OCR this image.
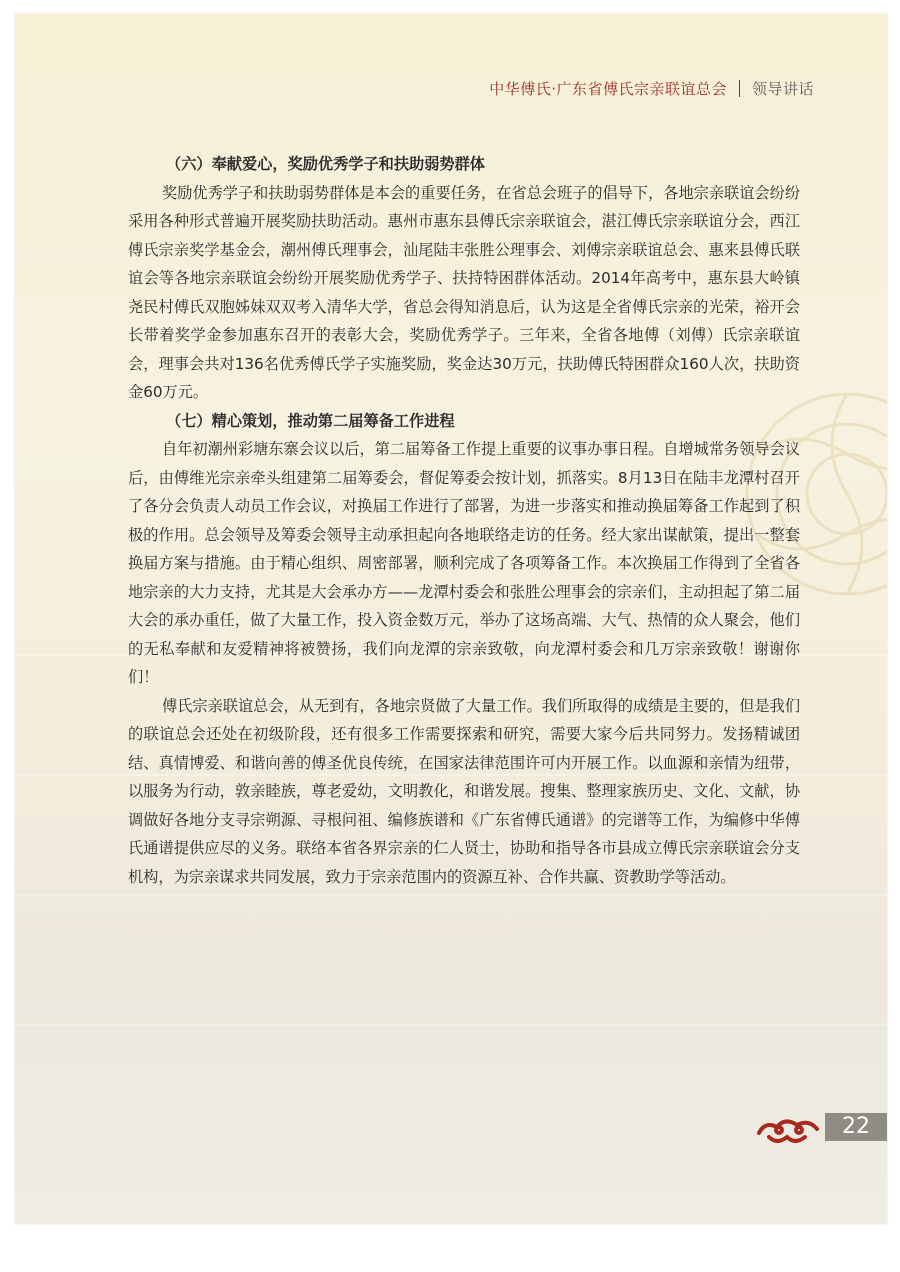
中华傅氏·广东省傅氏宗亲联谊总会 领导讲话

（六）奉献爱心，奖励优秀学子和扶助弱势群体

奖励优秀学子和扶助弱势群体是本会的重要任务，在省总会班子的倡导下，各地宗亲联谊会纷纷采用各种形式普遍开展奖励扶助活动。惠州市惠东县傅氏宗亲联谊会，湛江傅氏宗亲联谊分会，西江傅氏宗亲奖学基金会，潮州傅氏理事会，汕尾陆丰张胜公理事会、刘傅宗亲联谊总会、惠来县傅氏联谊会等各地宗亲联谊会纷纷开展奖励优秀学子、扶持特困群体活动。2014年高考中，惠东县大岭镇尧民村傅氏双胞姊妹双双考入清华大学，省总会得知消息后，认为这是全省傅氏宗亲的光荣，裕开会长带着奖学金参加惠东召开的表彰大会，奖励优秀学子。三年来，全省各地傅（刘傅）氏宗亲联谊会，理事会共对136名优秀傅氏学子实施奖励，奖金达30万元，扶助傅氏特困群众160人次，扶助资金60万元。

（七）精心策划，推动第二届筹备工作进程

自年初潮州彩塘东寨会议以后，第二届筹备工作提上重要的议事办事日程。自增城常务领导会议后，由傅维光宗亲牵头组建第二届筹委会，督促筹委会按计划，抓落实。8月13日在陆丰龙潭村召开了各分会负责人动员工作会议，对换届工作进行了部署，为进一步落实和推动换届筹备工作起到了积极的作用。总会领导及筹委会领导主动承担起向各地联络走访的任务。经大家出谋献策，提出一整套换届方案与措施。由于精心组织、周密部署，顺利完成了各项筹备工作。本次换届工作得到了全省各地宗亲的大力支持，尤其是大会承办方——龙潭村委会和张胜公理事会的宗亲们，主动担起了第二届大会的承办重任，做了大量工作，投入资金数万元，举办了这场高端、大气、热情的众人聚会，他们的无私奉献和友爱精神将被赞扬，我们向龙潭的宗亲致敬，向龙潭村委会和几万宗亲致敬！谢谢你们！

傅氏宗亲联谊总会，从无到有，各地宗贤做了大量工作。我们所取得的成绩是主要的，但是我们的联谊总会还处在初级阶段，还有很多工作需要探索和研究，需要大家今后共同努力。发扬精诚团结、真情博爱、和谐向善的傅圣优良传统，在国家法律范围许可内开展工作。以血源和亲情为纽带，以服务为行动，敦亲睦族，尊老爱幼，文明教化，和谐发展。搜集、整理家族历史、文化、文献，协调做好各地分支寻宗朔源、寻根问祖、编修族谱和《广东省傅氏通谱》的完谱等工作，为编修中华傅氏通谱提供应尽的义务。联络本省各界宗亲的仁人贤士，协助和指导各市县成立傅氏宗亲联谊会分支机构，为宗亲谋求共同发展，致力于宗亲范围内的资源互补、合作共赢、资教助学等活动。

22
